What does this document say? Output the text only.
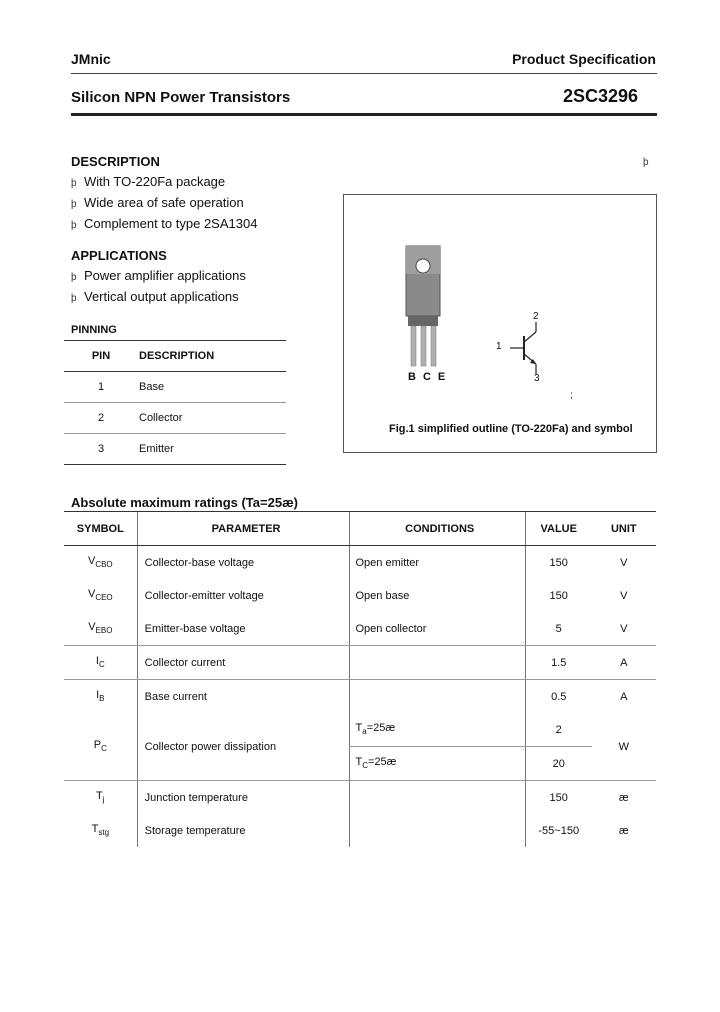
JMnic	Product Specification
Silicon NPN Power Transistors	2SC3296
DESCRIPTION	þ
þ With TO-220Fa package
þ Wide area of safe operation
þ Complement to type 2SA1304
APPLICATIONS
þ Power amplifier applications
þ Vertical output applications
PINNING
PIN	DESCRIPTION
1	Base
2	Collector
3	Emitter
BCE
2
1
3
;
Fig.1 simplified outline (TO-220Fa) and symbol
Absolute maximum ratings (Ta=25æ)
SYMBOL	PARAMETER	CONDITIONS	VALUE	UNIT
$V_{CBO}$	Collector-base voltage	Open emitter	150	V
$V_{CEO}$	Collector-emitter voltage	Open base	150	V
$V_{EBO}$	Emitter-base voltage	Open collector	5	V
$I_C$	Collector current		1.5	A
$I_B$	Base current		0.5	A
$P_C$	Collector power dissipation	$T_a=25æ$	2	W
		$T_C=25æ$	20	
$T_j$	Junction temperature		150	æ
$T_{stg}$	Storage temperature		-55~150	æ
